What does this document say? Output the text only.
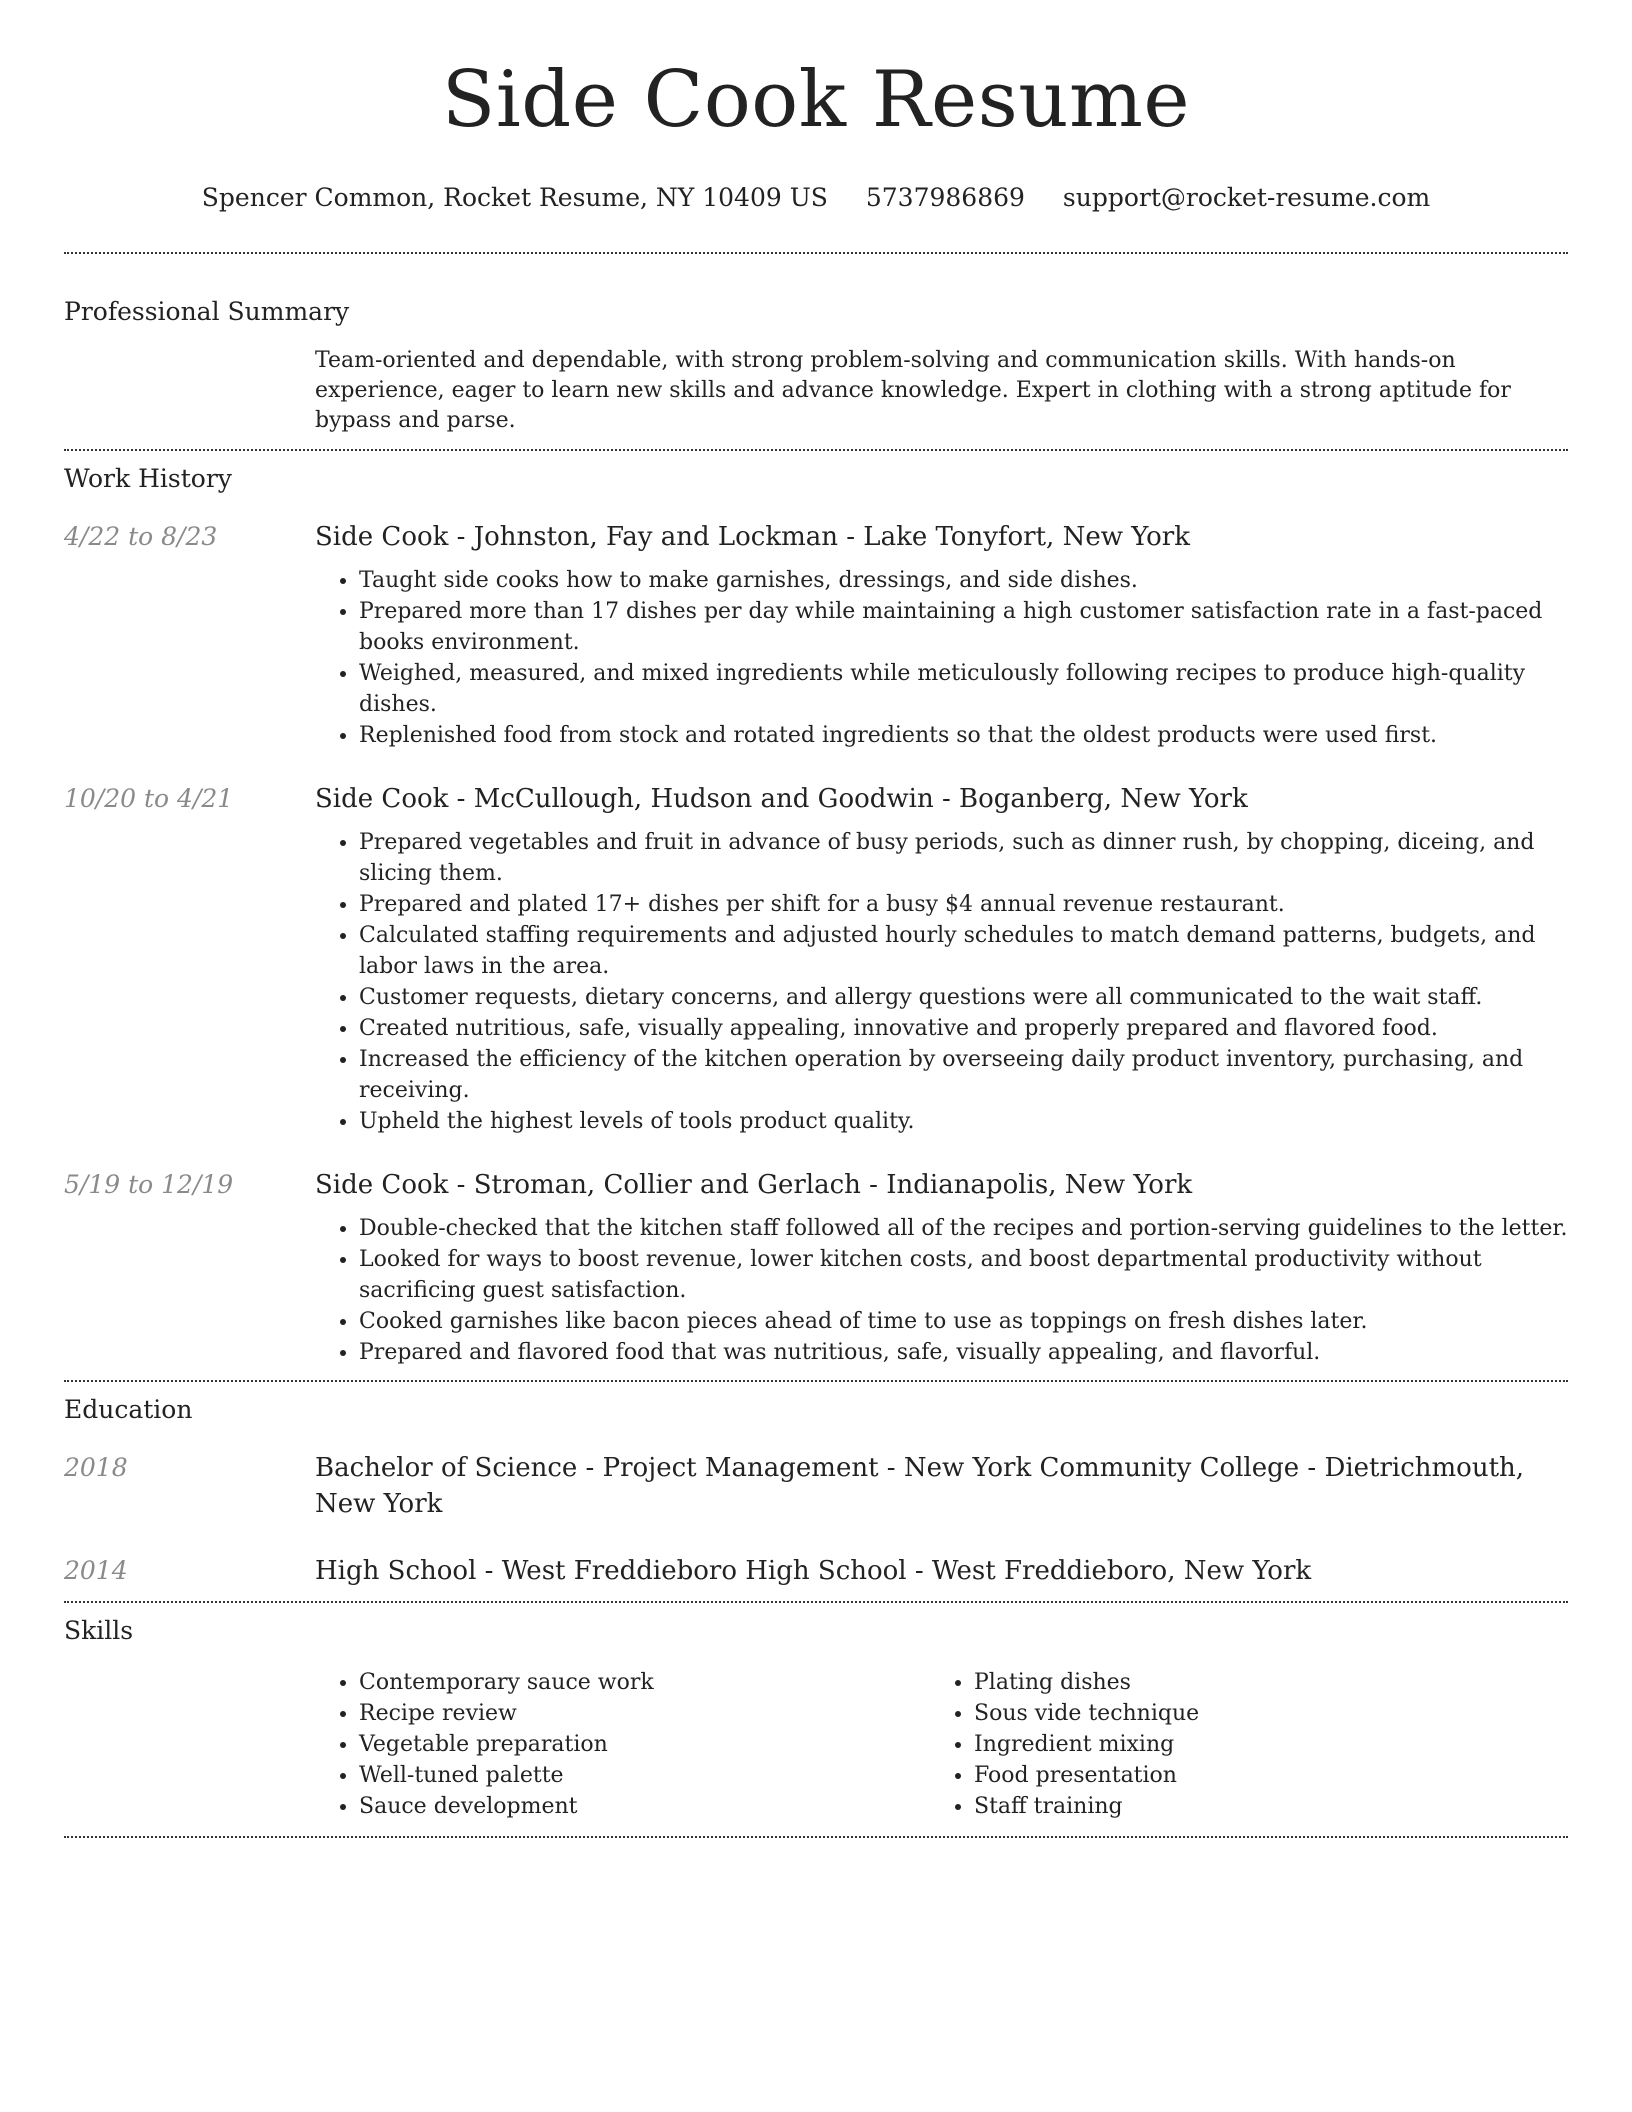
Side Cook Resume
Spencer Common, Rocket Resume, NY 10409 US 5737986869 support@rocket-resume.com
Professional Summary
Team-oriented and dependable, with strong problem-solving and communication skills. With hands-on experience, eager to learn new skills and advance knowledge. Expert in clothing with a strong aptitude for bypass and parse.
Work History
4/22 to 8/23	Side Cook - Johnston, Fay and Lockman - Lake Tonyfort, New York
• Taught side cooks how to make garnishes, dressings, and side dishes.
• Prepared more than 17 dishes per day while maintaining a high customer satisfaction rate in a fast-paced books environment.
• Weighed, measured, and mixed ingredients while meticulously following recipes to produce high-quality dishes.
• Replenished food from stock and rotated ingredients so that the oldest products were used first.
10/20 to 4/21	Side Cook - McCullough, Hudson and Goodwin - Boganberg, New York
• Prepared vegetables and fruit in advance of busy periods, such as dinner rush, by chopping, diceing, and slicing them.
• Prepared and plated 17+ dishes per shift for a busy $4 annual revenue restaurant.
• Calculated staffing requirements and adjusted hourly schedules to match demand patterns, budgets, and labor laws in the area.
• Customer requests, dietary concerns, and allergy questions were all communicated to the wait staff.
• Created nutritious, safe, visually appealing, innovative and properly prepared and flavored food.
• Increased the efficiency of the kitchen operation by overseeing daily product inventory, purchasing, and receiving.
• Upheld the highest levels of tools product quality.
5/19 to 12/19	Side Cook - Stroman, Collier and Gerlach - Indianapolis, New York
• Double-checked that the kitchen staff followed all of the recipes and portion-serving guidelines to the letter.
• Looked for ways to boost revenue, lower kitchen costs, and boost departmental productivity without sacrificing guest satisfaction.
• Cooked garnishes like bacon pieces ahead of time to use as toppings on fresh dishes later.
• Prepared and flavored food that was nutritious, safe, visually appealing, and flavorful.
Education
2018	Bachelor of Science - Project Management - New York Community College - Dietrichmouth, New York
2014	High School - West Freddieboro High School - West Freddieboro, New York
Skills
• Contemporary sauce work
• Recipe review
• Vegetable preparation
• Well-tuned palette
• Sauce development
• Plating dishes
• Sous vide technique
• Ingredient mixing
• Food presentation
• Staff training
